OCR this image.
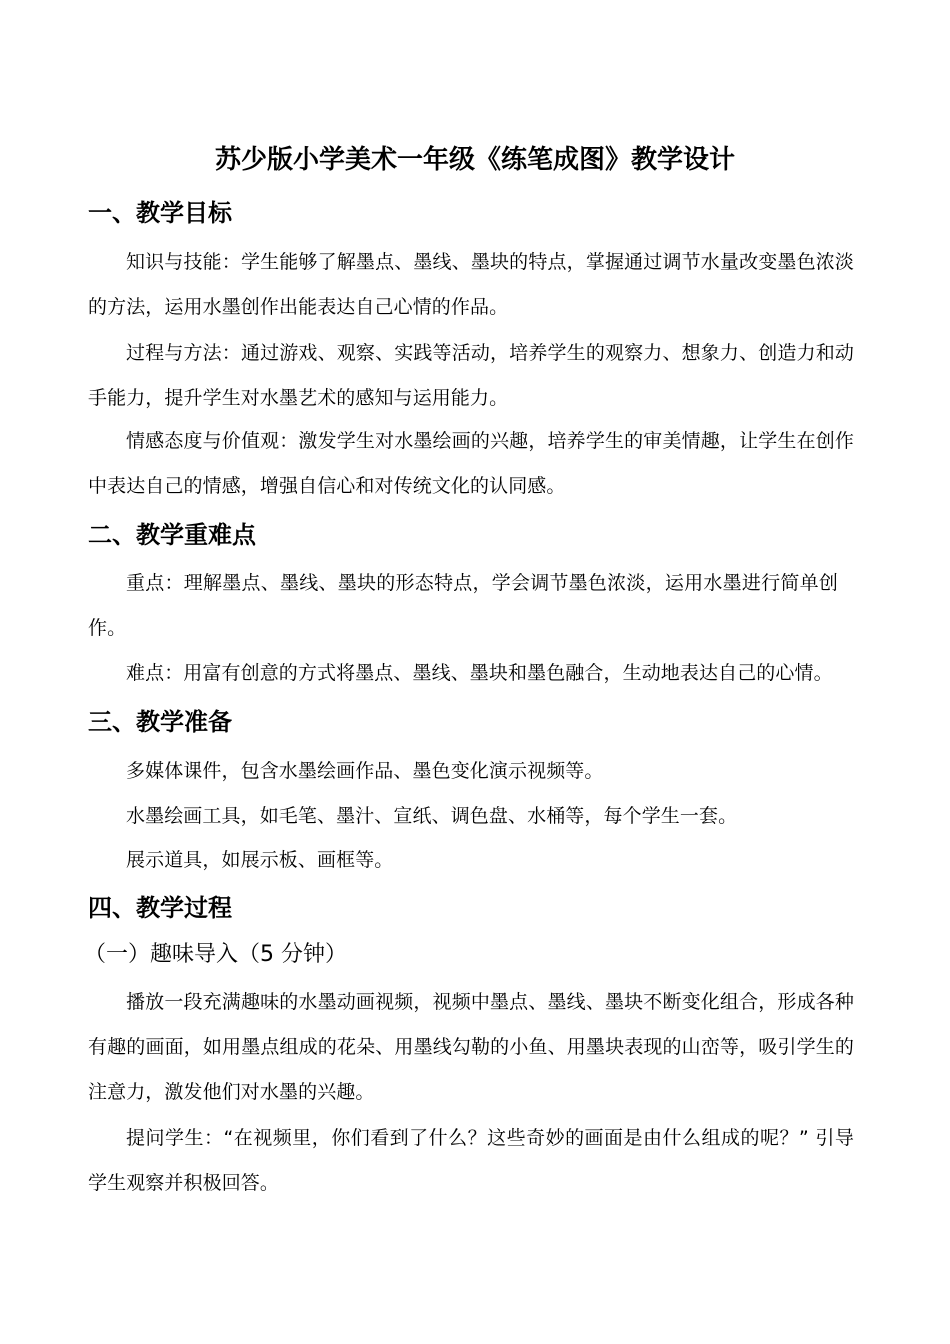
苏少版小学美术一年级《练笔成图》教学设计
一、教学目标
知识与技能：学生能够了解墨点、墨线、墨块的特点，掌握通过调节水量改变墨色浓淡的方法，运用水墨创作出能表达自己心情的作品。
过程与方法：通过游戏、观察、实践等活动，培养学生的观察力、想象力、创造力和动手能力，提升学生对水墨艺术的感知与运用能力。
情感态度与价值观：激发学生对水墨绘画的兴趣，培养学生的审美情趣，让学生在创作中表达自己的情感，增强自信心和对传统文化的认同感。
二、教学重难点
重点：理解墨点、墨线、墨块的形态特点，学会调节墨色浓淡，运用水墨进行简单创作。
难点：用富有创意的方式将墨点、墨线、墨块和墨色融合，生动地表达自己的心情。
三、教学准备
多媒体课件，包含水墨绘画作品、墨色变化演示视频等。
水墨绘画工具，如毛笔、墨汁、宣纸、调色盘、水桶等，每个学生一套。
展示道具，如展示板、画框等。
四、教学过程
（一）趣味导入（5 分钟）
播放一段充满趣味的水墨动画视频，视频中墨点、墨线、墨块不断变化组合，形成各种有趣的画面，如用墨点组成的花朵、用墨线勾勒的小鱼、用墨块表现的山峦等，吸引学生的注意力，激发他们对水墨的兴趣。
提问学生：“在视频里，你们看到了什么？这些奇妙的画面是由什么组成的呢？” 引导学生观察并积极回答。
